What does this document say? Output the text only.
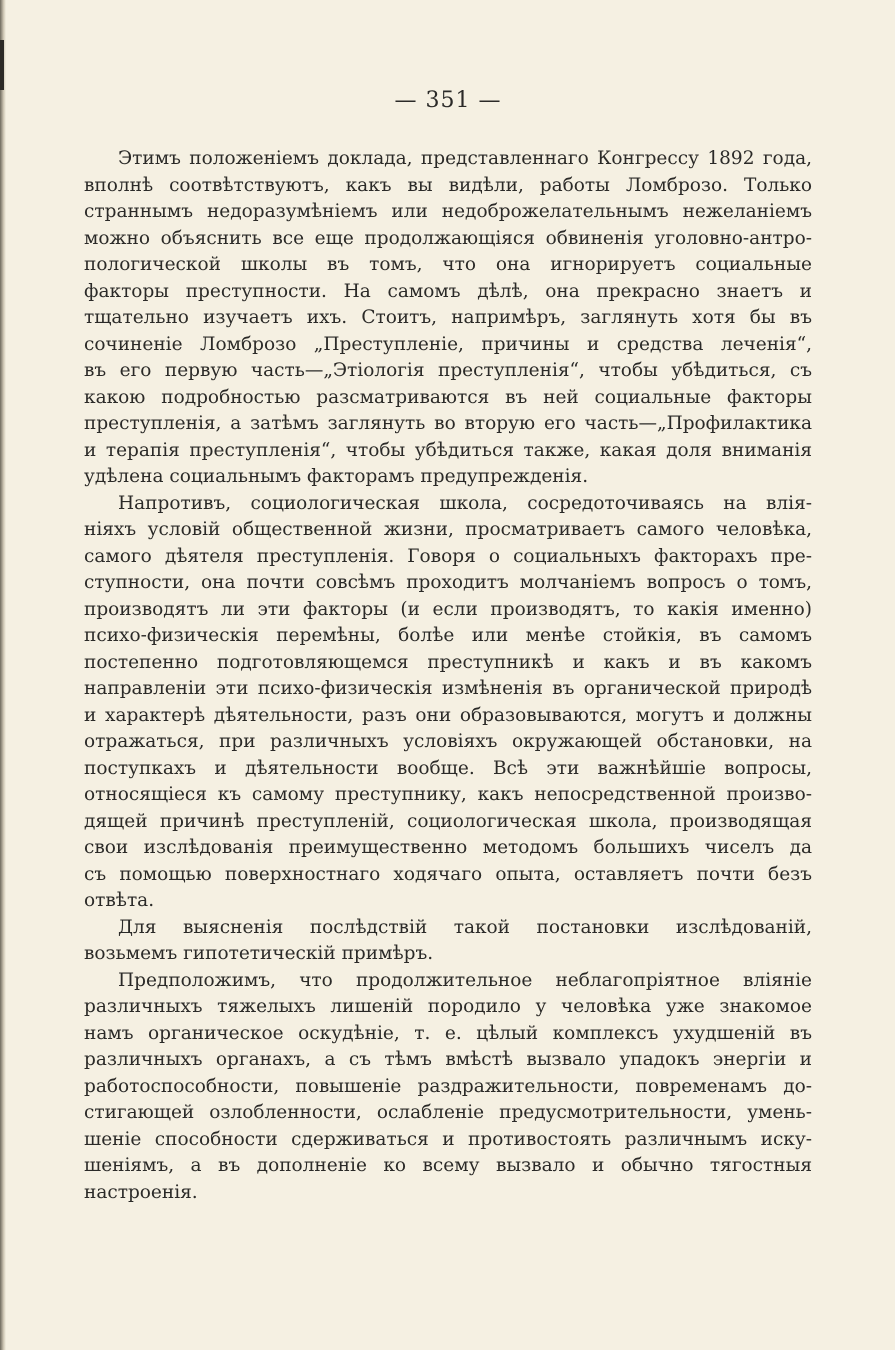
— 351 —

Этимъ положенiемъ доклада, представленнаго Конгрессу 1892 года,
вполнѣ соотвѣтствуютъ, какъ вы видѣли, работы Ломброзо. Только
страннымъ недоразумѣнiемъ или недоброжелательнымъ нежеланiемъ
можно объяснить все еще продолжающiяся обвиненiя уголовно-антро-
пологической школы въ томъ, что она игнорируетъ социальные
факторы преступности. На самомъ дѣлѣ, она прекрасно знаетъ и
тщательно изучаетъ ихъ. Стоитъ, напримѣръ, заглянуть хотя бы въ
сочиненiе Ломброзо „Преступленiе, причины и средства леченiя“,
въ его первую часть—„Этiологiя преступленiя“, чтобы убѣдиться, съ
какою подробностью разсматриваются въ ней социальные факторы
преступленiя, а затѣмъ заглянуть во вторую его часть—„Профилактика
и терапiя преступленiя“, чтобы убѣдиться также, какая доля вниманiя
удѣлена социальнымъ факторамъ предупрежденiя.

Напротивъ, социологическая школа, сосредоточиваясь на влiя-
нiяхъ условiй общественной жизни, просматриваетъ самого человѣка,
самого дѣятеля преступленiя. Говоря о социальныхъ факторахъ пре-
ступности, она почти совсѣмъ проходитъ молчанiемъ вопросъ о томъ,
производятъ ли эти факторы (и если производятъ, то какiя именно)
психо-физическiя перемѣны, болѣе или менѣе стойкiя, въ самомъ
постепенно подготовляющемся преступникѣ и какъ и въ какомъ
направленiи эти психо-физическiя измѣненiя въ органической природѣ
и характерѣ дѣятельности, разъ они образовываются, могутъ и должны
отражаться, при различныхъ условiяхъ окружающей обстановки, на
поступкахъ и дѣятельности вообще. Всѣ эти важнѣйшiе вопросы,
относящiеся къ самому преступнику, какъ непосредственной произво-
дящей причинѣ преступленiй, социологическая школа, производящая
свои изслѣдованiя преимущественно методомъ большихъ чиселъ да
съ помощью поверхностнаго ходячаго опыта, оставляетъ почти безъ
отвѣта.

Для выясненiя послѣдствiй такой постановки изслѣдованiй,
возьмемъ гипотетическiй примѣръ.

Предположимъ, что продолжительное неблагопрiятное влiянiе
различныхъ тяжелыхъ лишенiй породило у человѣка уже знакомое
намъ органическое оскудѣнiе, т. е. цѣлый комплексъ ухудшенiй въ
различныхъ органахъ, а съ тѣмъ вмѣстѣ вызвало упадокъ энергiи и
работоспособности, повышенiе раздражительности, повременамъ до-
стигающей озлобленности, ослабленiе предусмотрительности, умень-
шенiе способности сдерживаться и противостоять различнымъ иску-
шенiямъ, а въ дополненiе ко всему вызвало и обычно тягостныя
настроенiя.
